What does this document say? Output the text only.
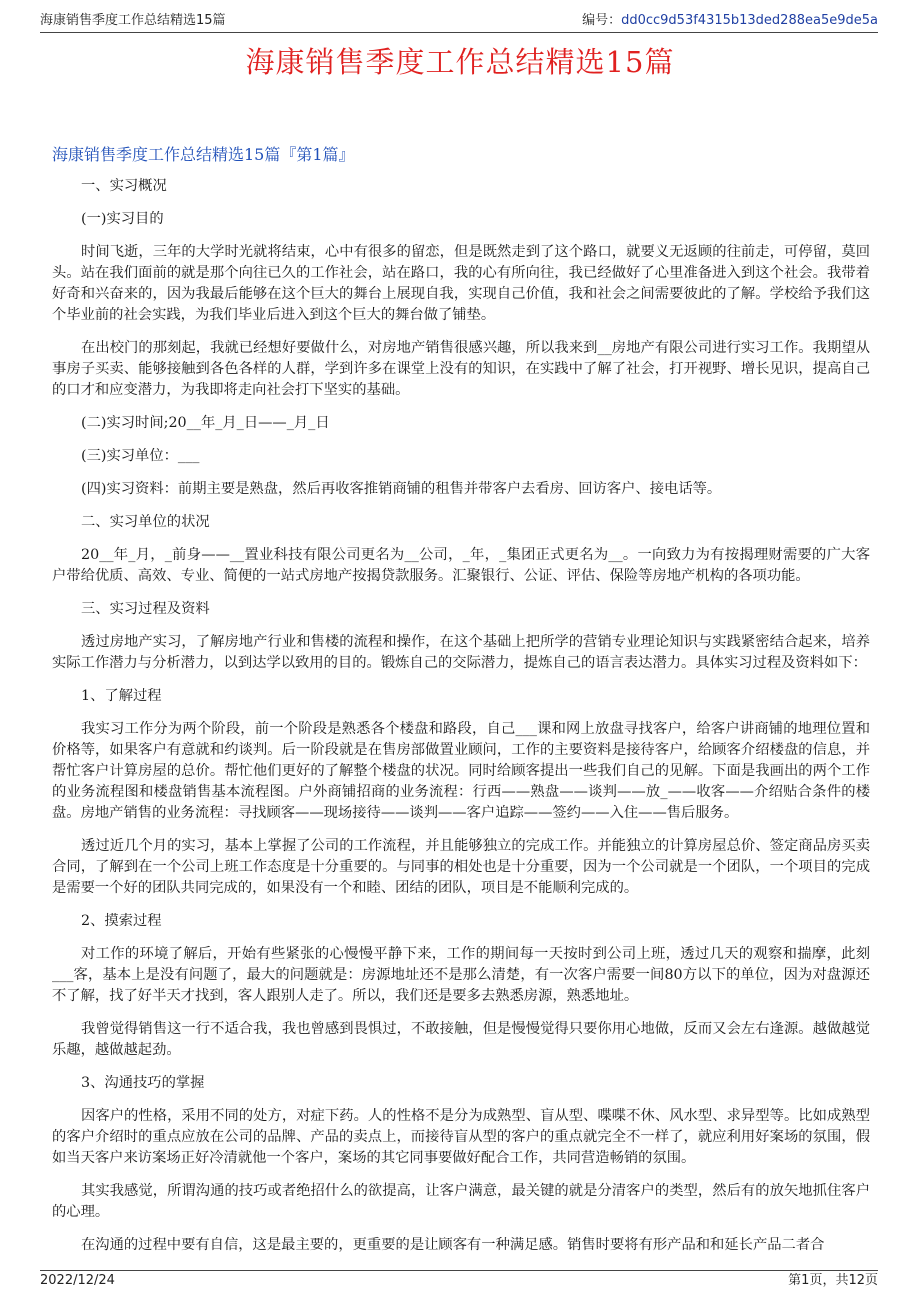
海康销售季度工作总结精选15篇	编号：dd0cc9d53f4315b13ded288ea5e9de5a
海康销售季度工作总结精选15篇
海康销售季度工作总结精选15篇『第1篇』

一、实习概况

(一)实习目的

时间飞逝，三年的大学时光就将结束，心中有很多的留恋，但是既然走到了这个路口，就要义无返顾的往前走，可停留，莫回头。站在我们面前的就是那个向往已久的工作社会，站在路口，我的心有所向往，我已经做好了心里准备进入到这个社会。我带着好奇和兴奋来的，因为我最后能够在这个巨大的舞台上展现自我，实现自己价值，我和社会之间需要彼此的了解。学校给予我们这个毕业前的社会实践，为我们毕业后进入到这个巨大的舞台做了铺垫。

在出校门的那刻起，我就已经想好要做什么，对房地产销售很感兴趣，所以我来到__房地产有限公司进行实习工作。我期望从事房子买卖、能够接触到各色各样的人群，学到许多在课堂上没有的知识，在实践中了解了社会，打开视野、增长见识，提高自己的口才和应变潜力，为我即将走向社会打下坚实的基础。

(二)实习时间;20__年_月_日——_月_日

(三)实习单位：___

(四)实习资料：前期主要是熟盘，然后再收客推销商铺的租售并带客户去看房、回访客户、接电话等。

二、实习单位的状况

20__年_月，_前身——__置业科技有限公司更名为__公司，_年，_集团正式更名为__。一向致力为有按揭理财需要的广大客户带给优质、高效、专业、简便的一站式房地产按揭贷款服务。汇聚银行、公证、评估、保险等房地产机构的各项功能。

三、实习过程及资料

透过房地产实习，了解房地产行业和售楼的流程和操作，在这个基础上把所学的营销专业理论知识与实践紧密结合起来，培养实际工作潜力与分析潜力，以到达学以致用的目的。锻炼自己的交际潜力，提炼自己的语言表达潜力。具体实习过程及资料如下：

1、了解过程

我实习工作分为两个阶段，前一个阶段是熟悉各个楼盘和路段，自己___课和网上放盘寻找客户，给客户讲商铺的地理位置和价格等，如果客户有意就和约谈判。后一阶段就是在售房部做置业顾问，工作的主要资料是接待客户，给顾客介绍楼盘的信息，并帮忙客户计算房屋的总价。帮忙他们更好的了解整个楼盘的状况。同时给顾客提出一些我们自己的见解。下面是我画出的两个工作的业务流程图和楼盘销售基本流程图。户外商铺招商的业务流程：行西——熟盘——谈判——放_——收客——介绍贴合条件的楼盘。房地产销售的业务流程：寻找顾客——现场接待——谈判——客户追踪——签约——入住——售后服务。

透过近几个月的实习，基本上掌握了公司的工作流程，并且能够独立的完成工作。并能独立的计算房屋总价、签定商品房买卖合同，了解到在一个公司上班工作态度是十分重要的。与同事的相处也是十分重要，因为一个公司就是一个团队，一个项目的完成是需要一个好的团队共同完成的，如果没有一个和睦、团结的团队，项目是不能顺利完成的。

2、摸索过程

对工作的环境了解后，开始有些紧张的心慢慢平静下来，工作的期间每一天按时到公司上班，透过几天的观察和揣摩，此刻___客，基本上是没有问题了，最大的问题就是：房源地址还不是那么清楚，有一次客户需要一间80方以下的单位，因为对盘源还不了解，找了好半天才找到，客人跟别人走了。所以，我们还是要多去熟悉房源，熟悉地址。

我曾觉得销售这一行不适合我，我也曾感到畏惧过，不敢接触，但是慢慢觉得只要你用心地做，反而又会左右逢源。越做越觉乐趣，越做越起劲。

3、沟通技巧的掌握

因客户的性格，采用不同的处方，对症下药。人的性格不是分为成熟型、盲从型、喋喋不休、风水型、求异型等。比如成熟型的客户介绍时的重点应放在公司的品牌、产品的卖点上，而接待盲从型的客户的重点就完全不一样了，就应利用好案场的氛围，假如当天客户来访案场正好冷清就他一个客户，案场的其它同事要做好配合工作，共同营造畅销的氛围。

其实我感觉，所谓沟通的技巧或者绝招什么的欲提高，让客户满意，最关键的就是分清客户的类型，然后有的放矢地抓住客户的心理。

在沟通的过程中要有自信，这是最主要的，更重要的是让顾客有一种满足感。销售时要将有形产品和和延长产品二者合

2022/12/24	第1页，共12页
